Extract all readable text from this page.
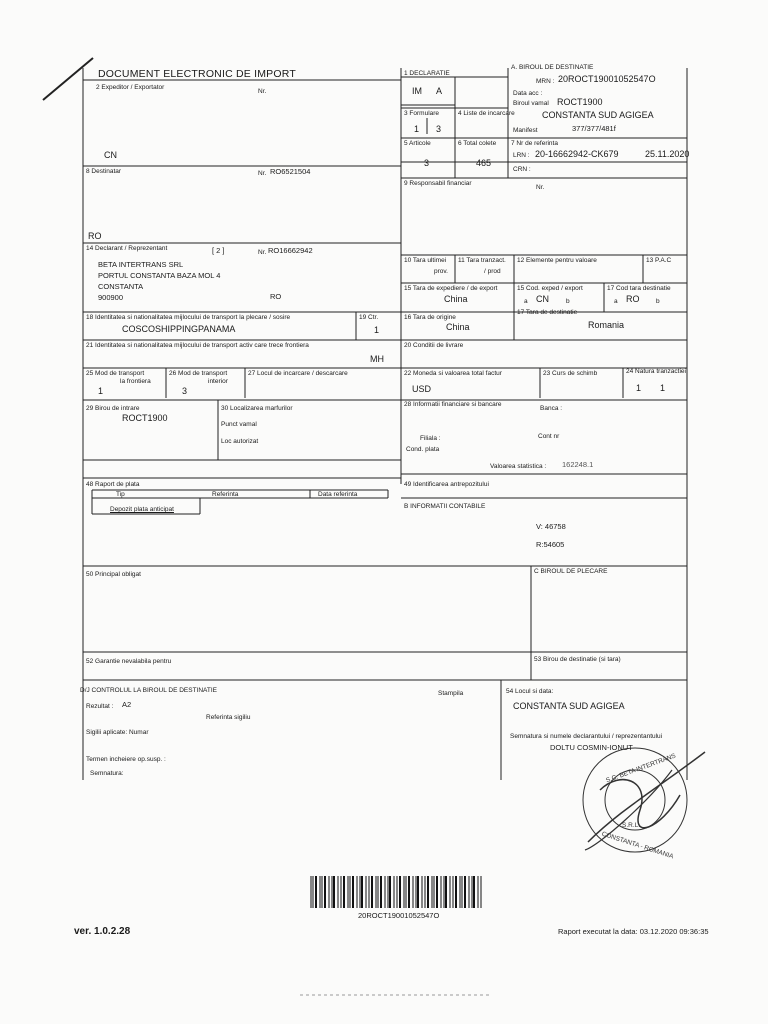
DOCUMENT ELECTRONIC DE IMPORT	1 DECLARATIE
IM A
A. BIROUL DE DESTINATIE
MRN : 20ROCT19001052547O
Data acc :
Biroul vamal ROCT1900
CONSTANTA SUD AGIGEA
Manifest	377/377/481f
2 Expeditor / Exportator
Nr.
CN
3 Formulare
1 3
4 Liste de incarcare
5 Articole
3
6 Total colete
465
7 Nr de referinta
LRN : 20-16662942-CK679	25.11.2020
CRN :
8 Destinatar	Nr. RO6521504
RO
9 Responsabil financiar
Nr.
14 Declarant / Reprezentant	[ 2 ]	Nr. RO16662942
BETA INTERTRANS SRL
PORTUL CONSTANTA BAZA MOL 4
CONSTANTA
900900	RO
10 Tara ultimei
prov.
11 Tara tranzact.
/ prod
12 Elemente pentru valoare	13 P.A.C
15 Tara de expediere / de export
China
15 Cod. exped / export
a CN	b
17 Cod tara destinatie
a RO	b
18 Identitatea si nationalitatea mijlocului de transport la plecare / sosire
COSCOSHIPPINGPANAMA
19 Ctr.
1
16 Tara de origine
China
17 Tara de destinatie
Romania
21 Identitatea si nationalitatea mijlocului de transport activ care trece frontiera
MH
20 Conditii de livrare
25 Mod de transport
la frontiera
1
26 Mod de transport
interior
3
27 Locul de incarcare / descarcare	22 Moneda si valoarea total factur
USD
23 Curs de schimb	24 Natura tranzactiei
1 1
29 Birou de intrare
ROCT1900
30 Localizarea marfurilor
Punct vamal
Loc autorizat
28 Informatii financiare si bancare
Banca :
Filiala :	Cont nr
Cond. plata
Valoarea statistica : 162248.1
48 Raport de plata
Tip	Referinta	Data referinta
Depozit plata anticipat
49 Identificarea antrepozitului
B INFORMATII CONTABILE
V: 46758
R:54605
50 Principal obligat	C BIROUL DE PLECARE
52 Garantie nevalabila pentru	53 Birou de destinatie (si tara)
D/J CONTROLUL LA BIROUL DE DESTINATIE	Stampila
Rezultat : A2
Referinta sigiliu
Sigilii aplicate: Numar
Termen incheiere op.susp. :
Semnatura:
54 Locul si data:
CONSTANTA SUD AGIGEA
Semnatura si numele declarantului / reprezentantului
DOLTU COSMIN-IONUT
S.C. BETA INTERTRANS
S.R.L.
CONSTANTA - ROMANIA
20ROCT19001052547O
ver. 1.0.2.28	Raport executat la data: 03.12.2020 09:36:35
